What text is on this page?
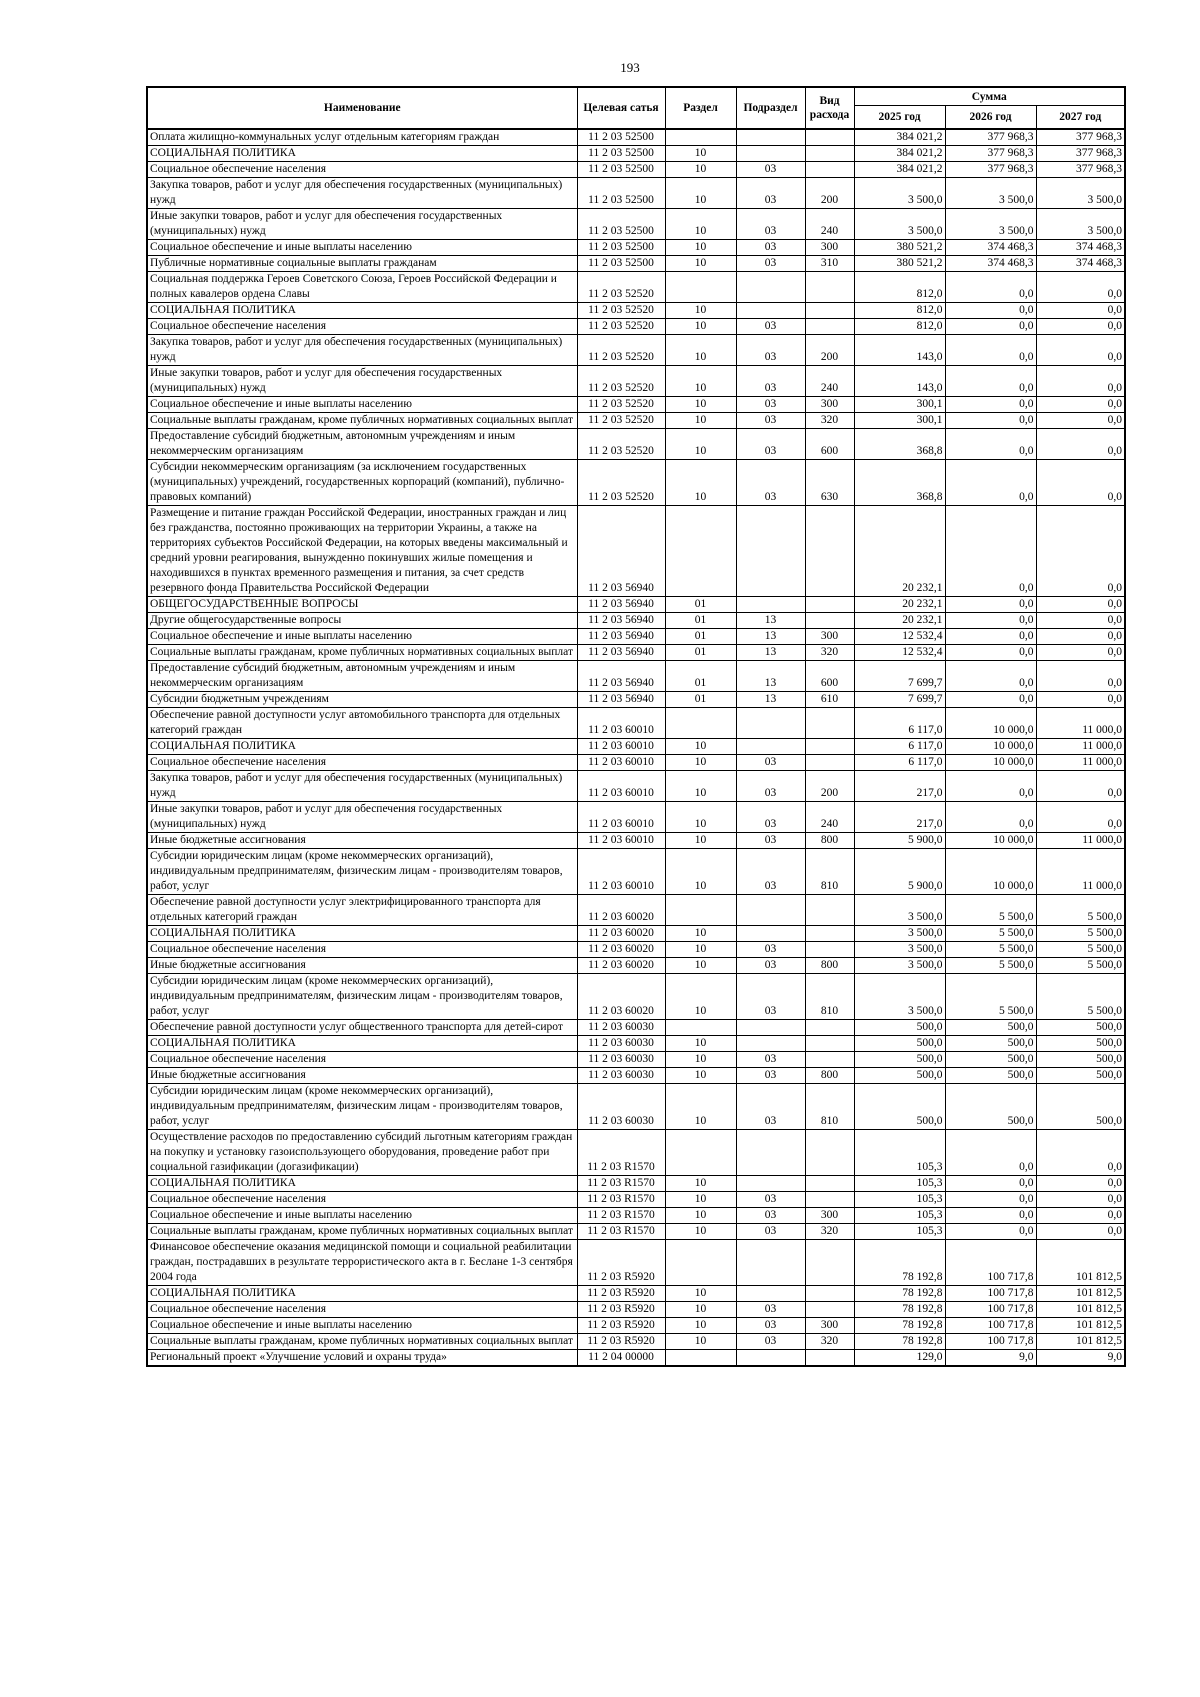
193
Наименование	Целевая сатья	Раздел	Подраздел	Вид расхода	Сумма		
					2025 год	2026 год	2027 год
Оплата жилищно-коммунальных услуг отдельным категориям граждан	11 2 03 52500				384 021,2	377 968,3	377 968,3
СОЦИАЛЬНАЯ ПОЛИТИКА	11 2 03 52500	10			384 021,2	377 968,3	377 968,3
Социальное обеспечение населения	11 2 03 52500	10	03		384 021,2	377 968,3	377 968,3
Закупка товаров, работ и услуг для обеспечения государственных (муниципальных) нужд	11 2 03 52500	10	03	200	3 500,0	3 500,0	3 500,0
Иные закупки товаров, работ и услуг для обеспечения государственных (муниципальных) нужд	11 2 03 52500	10	03	240	3 500,0	3 500,0	3 500,0
Социальное обеспечение и иные выплаты населению	11 2 03 52500	10	03	300	380 521,2	374 468,3	374 468,3
Публичные нормативные социальные выплаты гражданам	11 2 03 52500	10	03	310	380 521,2	374 468,3	374 468,3
Социальная поддержка Героев Советского Союза, Героев Российской Федерации и полных кавалеров ордена Славы	11 2 03 52520				812,0	0,0	0,0
СОЦИАЛЬНАЯ ПОЛИТИКА	11 2 03 52520	10			812,0	0,0	0,0
Социальное обеспечение населения	11 2 03 52520	10	03		812,0	0,0	0,0
Закупка товаров, работ и услуг для обеспечения государственных (муниципальных) нужд	11 2 03 52520	10	03	200	143,0	0,0	0,0
Иные закупки товаров, работ и услуг для обеспечения государственных (муниципальных) нужд	11 2 03 52520	10	03	240	143,0	0,0	0,0
Социальное обеспечение и иные выплаты населению	11 2 03 52520	10	03	300	300,1	0,0	0,0
Социальные выплаты гражданам, кроме публичных нормативных социальных выплат	11 2 03 52520	10	03	320	300,1	0,0	0,0
Предоставление субсидий бюджетным, автономным учреждениям и иным некоммерческим организациям	11 2 03 52520	10	03	600	368,8	0,0	0,0
Субсидии некоммерческим организациям (за исключением государственных (муниципальных) учреждений, государственных корпораций (компаний), публично-правовых компаний)	11 2 03 52520	10	03	630	368,8	0,0	0,0
Размещение и питание граждан Российской Федерации, иностранных граждан и лиц без гражданства, постоянно проживающих на территории Украины, а также на территориях субъектов Российской Федерации, на которых введены максимальный и средний уровни реагирования, вынужденно покинувших жилые помещения и находившихся в пунктах временного размещения и питания, за счет средств резервного фонда Правительства Российской Федерации	11 2 03 56940				20 232,1	0,0	0,0
ОБЩЕГОСУДАРСТВЕННЫЕ ВОПРОСЫ	11 2 03 56940	01			20 232,1	0,0	0,0
Другие общегосударственные вопросы	11 2 03 56940	01	13		20 232,1	0,0	0,0
Социальное обеспечение и иные выплаты населению	11 2 03 56940	01	13	300	12 532,4	0,0	0,0
Социальные выплаты гражданам, кроме публичных нормативных социальных выплат	11 2 03 56940	01	13	320	12 532,4	0,0	0,0
Предоставление субсидий бюджетным, автономным учреждениям и иным некоммерческим организациям	11 2 03 56940	01	13	600	7 699,7	0,0	0,0
Субсидии бюджетным учреждениям	11 2 03 56940	01	13	610	7 699,7	0,0	0,0
Обеспечение равной доступности услуг автомобильного транспорта для отдельных категорий граждан	11 2 03 60010				6 117,0	10 000,0	11 000,0
СОЦИАЛЬНАЯ ПОЛИТИКА	11 2 03 60010	10			6 117,0	10 000,0	11 000,0
Социальное обеспечение населения	11 2 03 60010	10	03		6 117,0	10 000,0	11 000,0
Закупка товаров, работ и услуг для обеспечения государственных (муниципальных) нужд	11 2 03 60010	10	03	200	217,0	0,0	0,0
Иные закупки товаров, работ и услуг для обеспечения государственных (муниципальных) нужд	11 2 03 60010	10	03	240	217,0	0,0	0,0
Иные бюджетные ассигнования	11 2 03 60010	10	03	800	5 900,0	10 000,0	11 000,0
Субсидии юридическим лицам (кроме некоммерческих организаций), индивидуальным предпринимателям, физическим лицам - производителям товаров, работ, услуг	11 2 03 60010	10	03	810	5 900,0	10 000,0	11 000,0
Обеспечение равной доступности услуг электрифицированного транспорта для отдельных категорий граждан	11 2 03 60020				3 500,0	5 500,0	5 500,0
СОЦИАЛЬНАЯ ПОЛИТИКА	11 2 03 60020	10			3 500,0	5 500,0	5 500,0
Социальное обеспечение населения	11 2 03 60020	10	03		3 500,0	5 500,0	5 500,0
Иные бюджетные ассигнования	11 2 03 60020	10	03	800	3 500,0	5 500,0	5 500,0
Субсидии юридическим лицам (кроме некоммерческих организаций), индивидуальным предпринимателям, физическим лицам - производителям товаров, работ, услуг	11 2 03 60020	10	03	810	3 500,0	5 500,0	5 500,0
Обеспечение равной доступности услуг общественного транспорта для детей-сирот	11 2 03 60030				500,0	500,0	500,0
СОЦИАЛЬНАЯ ПОЛИТИКА	11 2 03 60030	10			500,0	500,0	500,0
Социальное обеспечение населения	11 2 03 60030	10	03		500,0	500,0	500,0
Иные бюджетные ассигнования	11 2 03 60030	10	03	800	500,0	500,0	500,0
Субсидии юридическим лицам (кроме некоммерческих организаций), индивидуальным предпринимателям, физическим лицам - производителям товаров, работ, услуг	11 2 03 60030	10	03	810	500,0	500,0	500,0
Осуществление расходов по предоставлению субсидий льготным категориям граждан на покупку и установку газоиспользующего оборудования, проведение работ при социальной газификации (догазификации)	11 2 03 R1570				105,3	0,0	0,0
СОЦИАЛЬНАЯ ПОЛИТИКА	11 2 03 R1570	10			105,3	0,0	0,0
Социальное обеспечение населения	11 2 03 R1570	10	03		105,3	0,0	0,0
Социальное обеспечение и иные выплаты населению	11 2 03 R1570	10	03	300	105,3	0,0	0,0
Социальные выплаты гражданам, кроме публичных нормативных социальных выплат	11 2 03 R1570	10	03	320	105,3	0,0	0,0
Финансовое обеспечение оказания медицинской помощи и социальной реабилитации граждан, пострадавших в результате террористического акта в г. Беслане 1-3 сентября 2004 года	11 2 03 R5920				78 192,8	100 717,8	101 812,5
СОЦИАЛЬНАЯ ПОЛИТИКА	11 2 03 R5920	10			78 192,8	100 717,8	101 812,5
Социальное обеспечение населения	11 2 03 R5920	10	03		78 192,8	100 717,8	101 812,5
Социальное обеспечение и иные выплаты населению	11 2 03 R5920	10	03	300	78 192,8	100 717,8	101 812,5
Социальные выплаты гражданам, кроме публичных нормативных социальных выплат	11 2 03 R5920	10	03	320	78 192,8	100 717,8	101 812,5
Региональный проект «Улучшение условий и охраны труда»	11 2 04 00000				129,0	9,0	9,0
